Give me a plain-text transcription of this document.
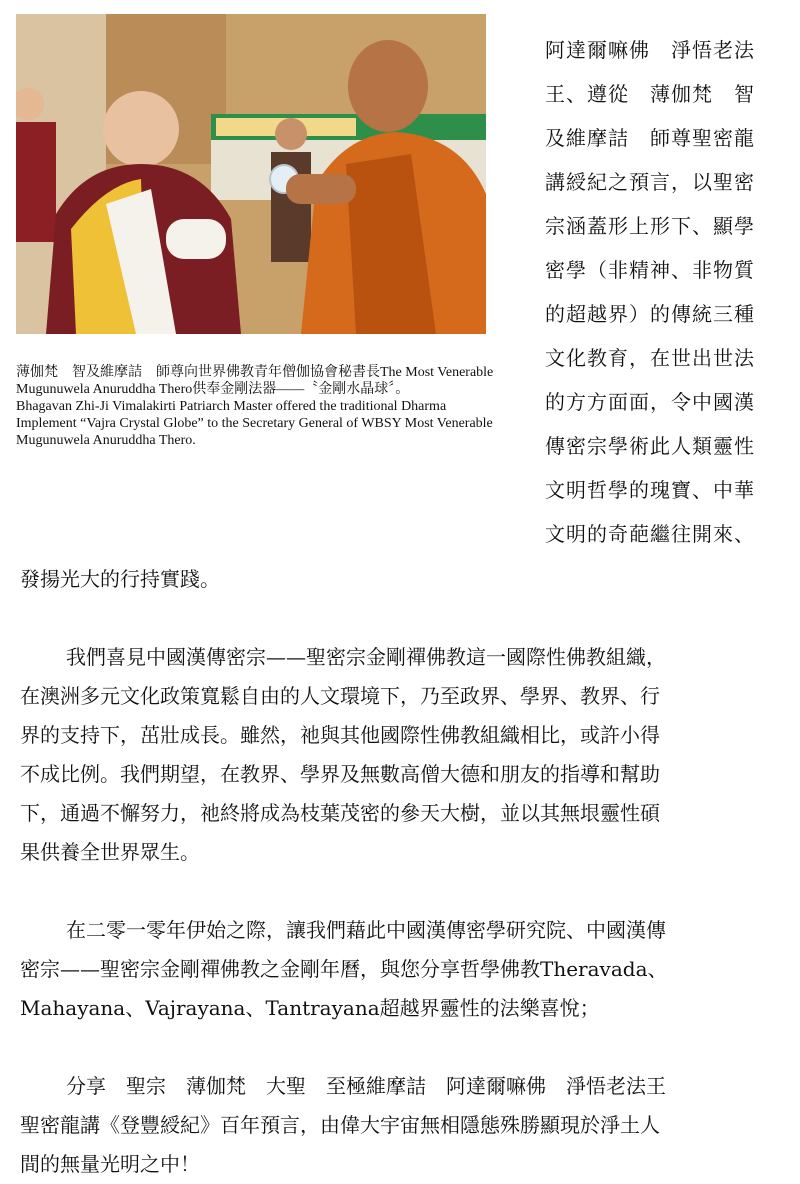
薄伽梵　智及維摩詰　師尊向世界佛教青年僧伽協會秘書長The Most Venerable Mugunuwela Anuruddha Thero供奉金剛法器——〝金剛水晶球〞。

Bhagavan Zhi-Ji Vimalakirti Patriarch Master offered the traditional Dharma Implement “Vajra Crystal Globe” to the Secretary General of WBSY Most Venerable Mugunuwela Anuruddha Thero.

阿達爾嘛佛　淨悟老法
王、遵從　薄伽梵　智
及維摩詰　師尊聖密龍
講綬紀之預言，以聖密
宗涵蓋形上形下、顯學
密學（非精神、非物質
的超越界）的傳統三種
文化教育，在世出世法
的方方面面，令中國漢
傳密宗學術此人類靈性
文明哲學的瑰寶、中華
文明的奇葩繼往開來、
發揚光大的行持實踐。
我們喜見中國漢傳密宗——聖密宗金剛禪佛教這一國際性佛教組織，
在澳洲多元文化政策寬鬆自由的人文環境下，乃至政界、學界、教界、行
界的支持下，茁壯成長。雖然，祂與其他國際性佛教組織相比，或許小得
不成比例。我們期望，在教界、學界及無數高僧大德和朋友的指導和幫助
下，通過不懈努力，祂終將成為枝葉茂密的參天大樹，並以其無垠靈性碩
果供養全世界眾生。
在二零一零年伊始之際，讓我們藉此中國漢傳密學研究院、中國漢傳
密宗——聖密宗金剛禪佛教之金剛年曆，與您分享哲學佛教Theravada、
Mahayana、Vajrayana、Tantrayana超越界靈性的法樂喜悅；
分享　聖宗　薄伽梵　大聖　至極維摩詰　阿達爾嘛佛　淨悟老法王
聖密龍講《登豐綬紀》百年預言，由偉大宇宙無相隱態殊勝顯現於淨土人
間的無量光明之中！
